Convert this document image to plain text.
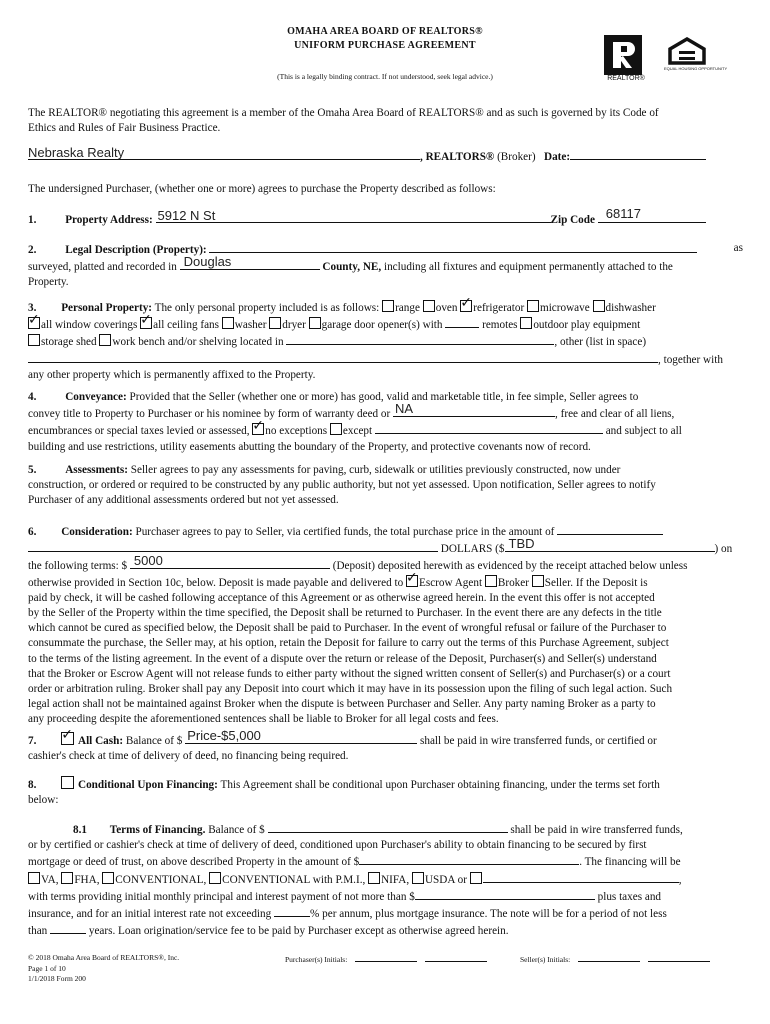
OMAHA AREA BOARD OF REALTORS®
UNIFORM PURCHASE AGREEMENT
(This is a legally binding contract. If not understood, seek legal advice.)	REALTOR®
EQUAL HOUSING OPPORTUNITY
The REALTOR® negotiating this agreement is a member of the Omaha Area Board of REALTORS® and as such is governed by its Code of
Ethics and Rules of Fair Business Practice.
Nebraska Realty	, REALTORS® (Broker) Date:
The undersigned Purchaser, (whether one or more) agrees to purchase the Property described as follows:
1.	Property Address: 5912 N St	Zip Code 68117
2.	Legal Description (Property):	as
surveyed, platted and recorded in Douglas	County, NE, including all fixtures and equipment permanently attached to the
Property.
3. Personal Property: The only personal property included is as follows: range oven ✓ refrigerator microwave dishwasher
✓all window coverings ✓ all ceiling fans washer dryer garage door opener(s) with	remotes outdoor play equipment
storage shed work bench and/or shelving located in	, other (list in space)
, together with
any other property which is permanently affixed to the Property.
4.	Conveyance: Provided that the Seller (whether one or more) has good, valid and marketable title, in fee simple, Seller agrees to
convey title to Property to Purchaser or his nominee by form of warranty deed or NA	, free and clear of all liens,
encumbrances or special taxes levied or assessed, ✓ no exceptions except	and subject to all
building and use restrictions, utility easements abutting the boundary of the Property, and protective covenants now of record.
5.	Assessments: Seller agrees to pay any assessments for paving, curb, sidewalk or utilities previously constructed, now under
construction, or ordered or required to be constructed by any public authority, but not yet assessed. Upon notification, Seller agrees to notify
Purchaser of any additional assessments ordered but not yet assessed.
6. Consideration: Purchaser agrees to pay to Seller, via certified funds, the total purchase price in the amount of
DOLLARS ($ TBD	) on
the following terms: $ 5000	(Deposit) deposited herewith as evidenced by the receipt attached below unless
otherwise provided in Section 10c, below. Deposit is made payable and delivered to ✓ Escrow Agent Broker Seller. If the Deposit is
paid by check, it will be cashed following acceptance of this Agreement or as otherwise agreed herein. In the event this offer is not accepted
by the Seller of the Property within the time specified, the Deposit shall be returned to Purchaser. In the event there are any defects in the title
which cannot be cured as specified below, the Deposit shall be paid to Purchaser. In the event of wrongful refusal or failure of the Purchaser to
consummate the purchase, the Seller may, at his option, retain the Deposit for failure to carry out the terms of this Purchase Agreement, subject
to the terms of the listing agreement. In the event of a dispute over the return or release of the Deposit, Purchaser(s) and Seller(s) understand
that the Broker or Escrow Agent will not release funds to either party without the signed written consent of Seller(s) and Purchaser(s) or a court
order or arbitration ruling. Broker shall pay any Deposit into court which it may have in its possession upon the filing of such legal action. Such
legal action shall not be maintained against Broker when the dispute is between Purchaser and Seller. Any party naming Broker as a party to
any proceeding despite the aforementioned sentences shall be liable to Broker for all legal costs and fees.
7. ✓	All Cash: Balance of $ Price-$5,000	shall be paid in wire transferred funds, or certified or
cashier's check at time of delivery of deed, no financing being required.
8.	Conditional Upon Financing: This Agreement shall be conditional upon Purchaser obtaining financing, under the terms set forth
below:
8.1 Terms of Financing. Balance of $	shall be paid in wire transferred funds,
or by certified or cashier's check at time of delivery of deed, conditioned upon Purchaser's ability to obtain financing to be secured by first
mortgage or deed of trust, on above described Property in the amount of $	. The financing will be
VA, FHA, CONVENTIONAL, CONVENTIONAL with P.M.I., NIFA, USDA or	,
with terms providing initial monthly principal and interest payment of not more than $	plus taxes and
insurance, and for an initial interest rate not exceeding	% per annum, plus mortgage insurance. The note will be for a period of not less
than	years. Loan origination/service fee to be paid by Purchaser except as otherwise agreed herein.
© 2018 Omaha Area Board of REALTORS®, Inc.
Page 1 of 10
1/1/2018 Form 200
Purchaser(s) Initials:	Seller(s) Initials:
